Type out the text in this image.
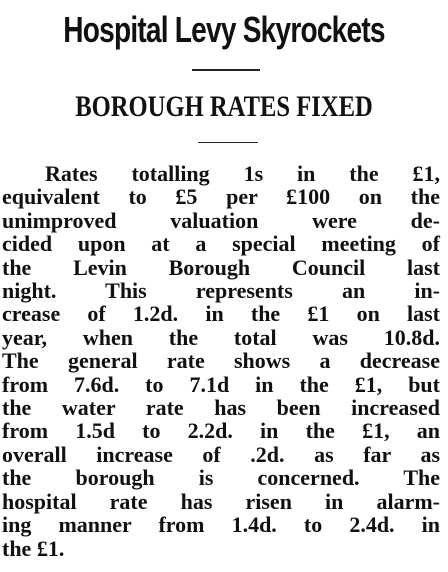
Hospital Levy Skyrockets
BOROUGH RATES FIXED
Rates totalling 1s in the £1,
equivalent to £5 per £100 on the
unimproved valuation were de-
cided upon at a special meeting of
the Levin Borough Council last
night. This represents an in-
crease of 1.2d. in the £1 on last
year, when the total was 10.8d.
The general rate shows a decrease
from 7.6d. to 7.1d in the £1, but
the water rate has been increased
from 1.5d to 2.2d. in the £1, an
overall increase of .2d. as far as
the borough is concerned. The
hospital rate has risen in alarm-
ing manner from 1.4d. to 2.4d. in
the £1.
